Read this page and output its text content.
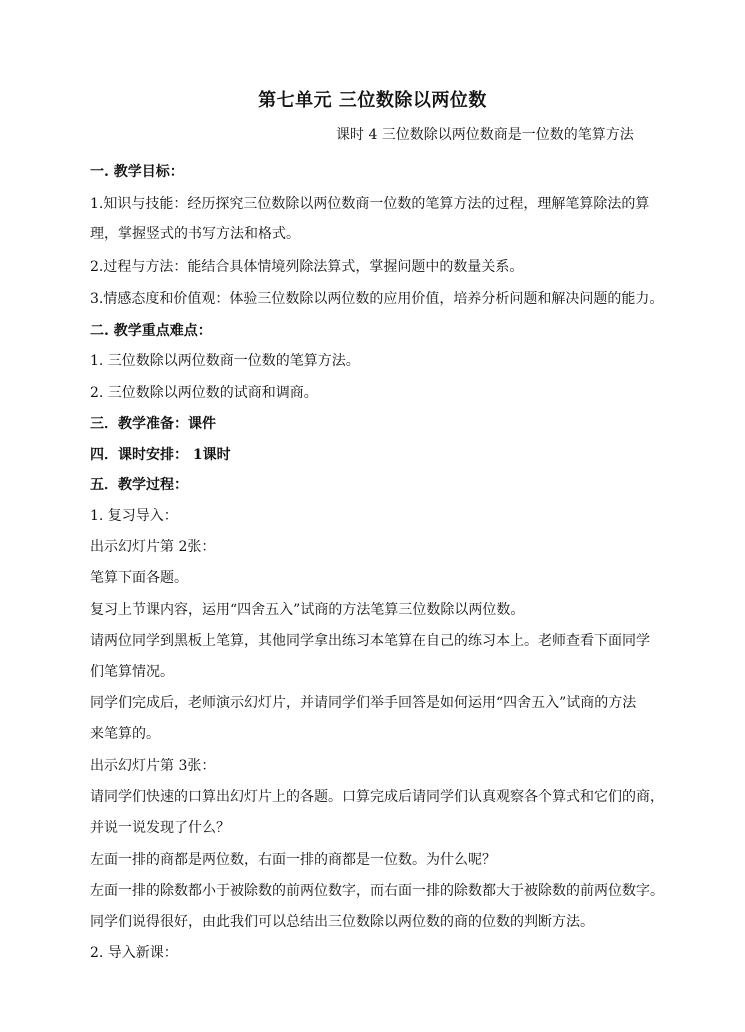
第七单元 三位数除以两位数
课时 4 三位数除以两位数商是一位数的笔算方法
一. 教学目标：
1.知识与技能：经历探究三位数除以两位数商一位数的笔算方法的过程，理解笔算除法的算
理，掌握竖式的书写方法和格式。
2.过程与方法：能结合具体情境列除法算式，掌握问题中的数量关系。
3.情感态度和价值观：体验三位数除以两位数的应用价值，培养分析问题和解决问题的能力。
二. 教学重点难点：
1. 三位数除以两位数商一位数的笔算方法。
2. 三位数除以两位数的试商和调商。
三．教学准备：课件
四．课时安排： 1课时
五．教学过程：
1. 复习导入：
出示幻灯片第 2张：
笔算下面各题。
复习上节课内容，运用“四舍五入”试商的方法笔算三位数除以两位数。
请两位同学到黑板上笔算，其他同学拿出练习本笔算在自己的练习本上。老师查看下面同学
们笔算情况。
同学们完成后，老师演示幻灯片，并请同学们举手回答是如何运用“四舍五入”试商的方法
来笔算的。
出示幻灯片第 3张：
请同学们快速的口算出幻灯片上的各题。口算完成后请同学们认真观察各个算式和它们的商，
并说一说发现了什么？
左面一排的商都是两位数，右面一排的商都是一位数。为什么呢？
左面一排的除数都小于被除数的前两位数字，而右面一排的除数都大于被除数的前两位数字。
同学们说得很好，由此我们可以总结出三位数除以两位数的商的位数的判断方法。
2. 导入新课：
